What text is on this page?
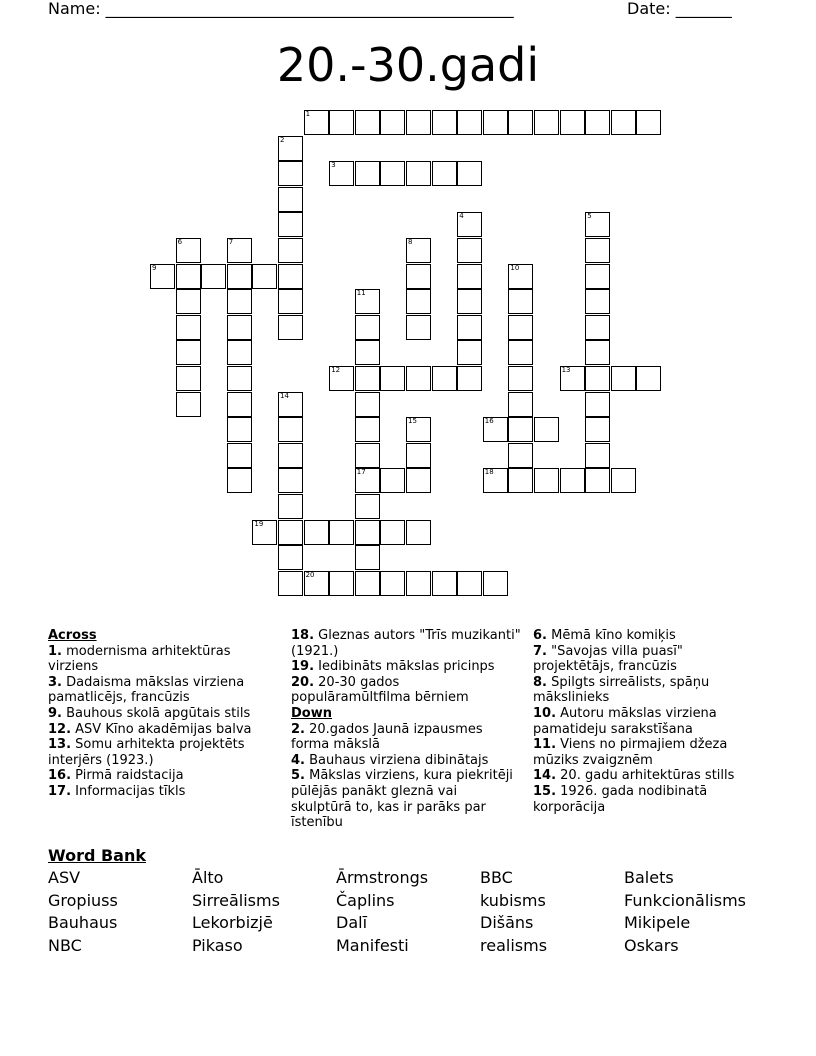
Name: ___________________________________________________	Date: _______
20.-30.gadi
1
2
3
4	5
6	7	8
9	10
11
17
12	13
14
15	16
18
19
20
Across
1. modernisma arhitektūras virziens
3. Dadaisma mākslas virziena pamatlicējs, francūzis
9. Bauhous skolā apgūtais stils
12. ASV Kīno akadēmijas balva
13. Somu arhitekta projektēts interjērs (1923.)
16. Pirmā raidstacija
17. Informacijas tīkls
18. Gleznas autors "Trīs muzikanti" (1921.)
19. Iedibināts mākslas pricinps
20. 20-30 gados populāramūltfilma bērniem
Down
2. 20.gados Jaunā izpausmes forma mākslā
4. Bauhaus virziena dibinātajs
5. Mākslas virziens, kura piekritēji pūlējās panākt gleznā vai skulptūrā to, kas ir parāks par īstenību
6. Mēmā kīno komiķis
7. "Savojas villa puasī" projektētājs, francūzis
8. Spilgts sirreālists, spāņu mākslinieks
10. Autoru mākslas virziena pamatideju sarakstīšana
11. Viens no pirmajiem džeza mūziks zvaigznēm
14. 20. gadu arhitektūras stills
15. 1926. gada nodibinatā korporācija
Word Bank
ASV
Gropiuss
Bauhaus
NBC
Ālto
Sirreālisms
Lekorbizjē
Pikaso
Ārmstrongs
Čaplins
Dalī
Manifesti
BBC
kubisms
Dišāns
realisms
Balets
Funkcionālisms
Mikipele
Oskars
